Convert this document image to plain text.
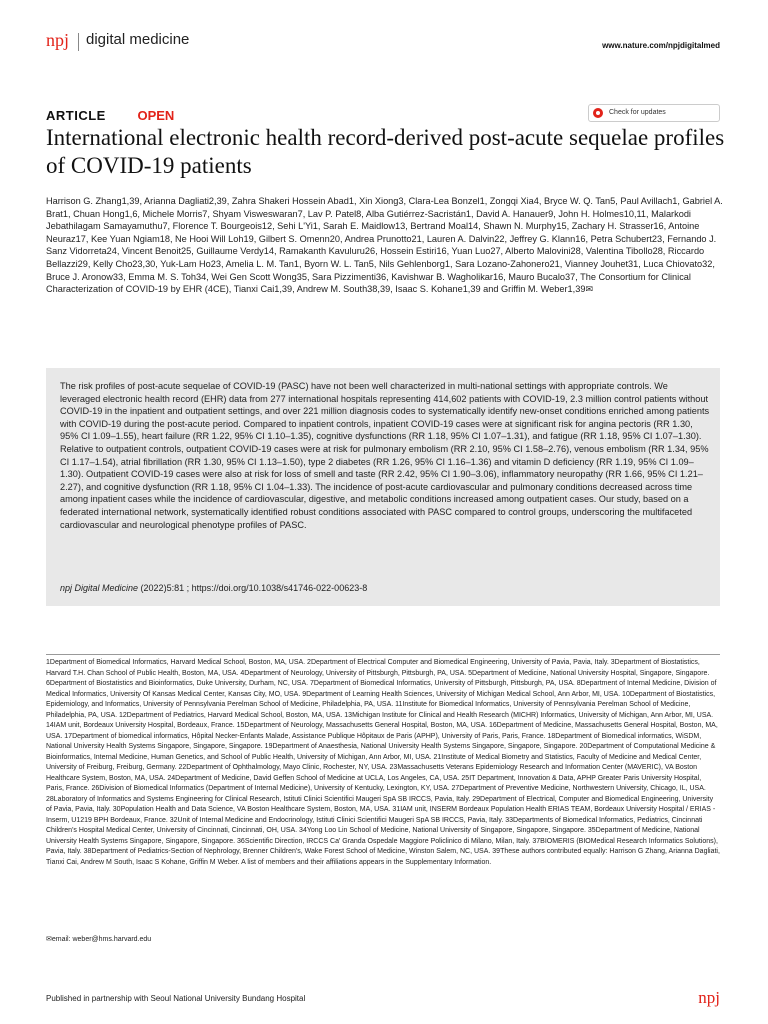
npj digital medicine	www.nature.com/npjdigitalmed
ARTICLE OPEN	Check for updates
International electronic health record-derived post-acute sequelae profiles of COVID-19 patients
Harrison G. Zhang1,39, Arianna Dagliati2,39, Zahra Shakeri Hossein Abad1, Xin Xiong3, Clara-Lea Bonzel1, Zongqi Xia4, Bryce W. Q. Tan5, Paul Avillach1, Gabriel A. Brat1, Chuan Hong1,6, Michele Morris7, Shyam Visweswaran7, Lav P. Patel8, Alba Gutiérrez-Sacristán1, David A. Hanauer9, John H. Holmes10,11, Malarkodi Jebathilagam Samayamuthu7, Florence T. Bourgeois12, Sehi L'Yi1, Sarah E. Maidlow13, Bertrand Moal14, Shawn N. Murphy15, Zachary H. Strasser16, Antoine Neuraz17, Kee Yuan Ngiam18, Ne Hooi Will Loh19, Gilbert S. Omenn20, Andrea Prunotto21, Lauren A. Dalvin22, Jeffrey G. Klann16, Petra Schubert23, Fernando J. Sanz Vidorreta24, Vincent Benoit25, Guillaume Verdy14, Ramakanth Kavuluru26, Hossein Estiri16, Yuan Luo27, Alberto Malovini28, Valentina Tibollo28, Riccardo Bellazzi29, Kelly Cho23,30, Yuk-Lam Ho23, Amelia L. M. Tan1, Byorn W. L. Tan5, Nils Gehlenborg1, Sara Lozano-Zahonero21, Vianney Jouhet31, Luca Chiovato32, Bruce J. Aronow33, Emma M. S. Toh34, Wei Gen Scott Wong35, Sara Pizzimenti36, Kavishwar B. Wagholikar16, Mauro Bucalo37, The Consortium for Clinical Characterization of COVID-19 by EHR (4CE), Tianxi Cai1,39, Andrew M. South38,39, Isaac S. Kohane1,39 and Griffin M. Weber1,39✉

The risk profiles of post-acute sequelae of COVID-19 (PASC) have not been well characterized in multi-national settings with appropriate controls. We leveraged electronic health record (EHR) data from 277 international hospitals representing 414,602 patients with COVID-19, 2.3 million control patients without COVID-19 in the inpatient and outpatient settings, and over 221 million diagnosis codes to systematically identify new-onset conditions enriched among patients with COVID-19 during the post-acute period. Compared to inpatient controls, inpatient COVID-19 cases were at significant risk for angina pectoris (RR 1.30, 95% CI 1.09–1.55), heart failure (RR 1.22, 95% CI 1.10–1.35), cognitive dysfunctions (RR 1.18, 95% CI 1.07–1.31), and fatigue (RR 1.18, 95% CI 1.07–1.30). Relative to outpatient controls, outpatient COVID-19 cases were at risk for pulmonary embolism (RR 2.10, 95% CI 1.58–2.76), venous embolism (RR 1.34, 95% CI 1.17–1.54), atrial fibrillation (RR 1.30, 95% CI 1.13–1.50), type 2 diabetes (RR 1.26, 95% CI 1.16–1.36) and vitamin D deficiency (RR 1.19, 95% CI 1.09–1.30). Outpatient COVID-19 cases were also at risk for loss of smell and taste (RR 2.42, 95% CI 1.90–3.06), inflammatory neuropathy (RR 1.66, 95% CI 1.21–2.27), and cognitive dysfunction (RR 1.18, 95% CI 1.04–1.33). The incidence of post-acute cardiovascular and pulmonary conditions decreased across time among inpatient cases while the incidence of cardiovascular, digestive, and metabolic conditions increased among outpatient cases. Our study, based on a federated international network, systematically identified robust conditions associated with PASC compared to control groups, underscoring the multifaceted cardiovascular and neurological phenotype profiles of PASC.

npj Digital Medicine (2022)5:81 ; https://doi.org/10.1038/s41746-022-00623-8

1Department of Biomedical Informatics, Harvard Medical School, Boston, MA, USA. 2Department of Electrical Computer and Biomedical Engineering, University of Pavia, Pavia, Italy. 3Department of Biostatistics, Harvard T.H. Chan School of Public Health, Boston, MA, USA. 4Department of Neurology, University of Pittsburgh, Pittsburgh, PA, USA. 5Department of Medicine, National University Hospital, Singapore, Singapore. 6Department of Biostatistics and Bioinformatics, Duke University, Durham, NC, USA. 7Department of Biomedical Informatics, University of Pittsburgh, Pittsburgh, PA, USA. 8Department of Internal Medicine, Division of Medical Informatics, University Of Kansas Medical Center, Kansas City, MO, USA. 9Department of Learning Health Sciences, University of Michigan Medical School, Ann Arbor, MI, USA. 10Department of Biostatistics, Epidemiology, and Informatics, University of Pennsylvania Perelman School of Medicine, Philadelphia, PA, USA. 11Institute for Biomedical Informatics, University of Pennsylvania Perelman School of Medicine, Philadelphia, PA, USA. 12Department of Pediatrics, Harvard Medical School, Boston, MA, USA. 13Michigan Institute for Clinical and Health Research (MICHR) Informatics, University of Michigan, Ann Arbor, MI, USA. 14IAM unit, Bordeaux University Hospital, Bordeaux, France. 15Department of Neurology, Massachusetts General Hospital, Boston, MA, USA. 16Department of Medicine, Massachusetts General Hospital, Boston, MA, USA. 17Department of biomedical informatics, Hôpital Necker-Enfants Malade, Assistance Publique Hôpitaux de Paris (APHP), University of Paris, Paris, France. 18Department of Biomedical informatics, WiSDM, National University Health Systems Singapore, Singapore, Singapore. 19Department of Anaesthesia, National University Health Systems Singapore, Singapore, Singapore. 20Department of Computational Medicine & Bioinformatics, Internal Medicine, Human Genetics, and School of Public Health, University of Michigan, Ann Arbor, MI, USA. 21Institute of Medical Biometry and Statistics, Faculty of Medicine and Medical Center, University of Freiburg, Freiburg, Germany. 22Department of Ophthalmology, Mayo Clinic, Rochester, NY, USA. 23Massachusetts Veterans Epidemiology Research and Information Center (MAVERIC), VA Boston Healthcare System, Boston, MA, USA. 24Department of Medicine, David Geffen School of Medicine at UCLA, Los Angeles, CA, USA. 25IT Department, Innovation & Data, APHP Greater Paris University Hospital, Paris, France. 26Division of Biomedical Informatics (Department of Internal Medicine), University of Kentucky, Lexington, KY, USA. 27Department of Preventive Medicine, Northwestern University, Chicago, IL, USA. 28Laboratory of Informatics and Systems Engineering for Clinical Research, Istituti Clinici Scientifici Maugeri SpA SB IRCCS, Pavia, Italy. 29Department of Electrical, Computer and Biomedical Engineering, University of Pavia, Pavia, Italy. 30Population Health and Data Science, VA Boston Healthcare System, Boston, MA, USA. 31IAM unit, INSERM Bordeaux Population Health ERIAS TEAM, Bordeaux University Hospital / ERIAS - Inserm, U1219 BPH Bordeaux, France. 32Unit of Internal Medicine and Endocrinology, Istituti Clinici Scientifici Maugeri SpA SB IRCCS, Pavia, Italy. 33Departments of Biomedical Informatics, Pediatrics, Cincinnati Children's Hospital Medical Center, University of Cincinnati, Cincinnati, OH, USA. 34Yong Loo Lin School of Medicine, National University of Singapore, Singapore, Singapore. 35Department of Medicine, National University Health Systems Singapore, Singapore, Singapore. 36Scientific Direction, IRCCS Ca' Granda Ospedale Maggiore Policlinico di Milano, Milan, Italy. 37BIOMERIS (BIOMedical Research Informatics Solutions), Pavia, Italy. 38Department of Pediatrics-Section of Nephrology, Brenner Children's, Wake Forest School of Medicine, Winston Salem, NC, USA. 39These authors contributed equally: Harrison G Zhang, Arianna Dagliati, Tianxi Cai, Andrew M South, Isaac S Kohane, Griffin M Weber. A list of members and their affiliations appears in the Supplementary Information.

✉email: weber@hms.harvard.edu
Published in partnership with Seoul National University Bundang Hospital	npj
